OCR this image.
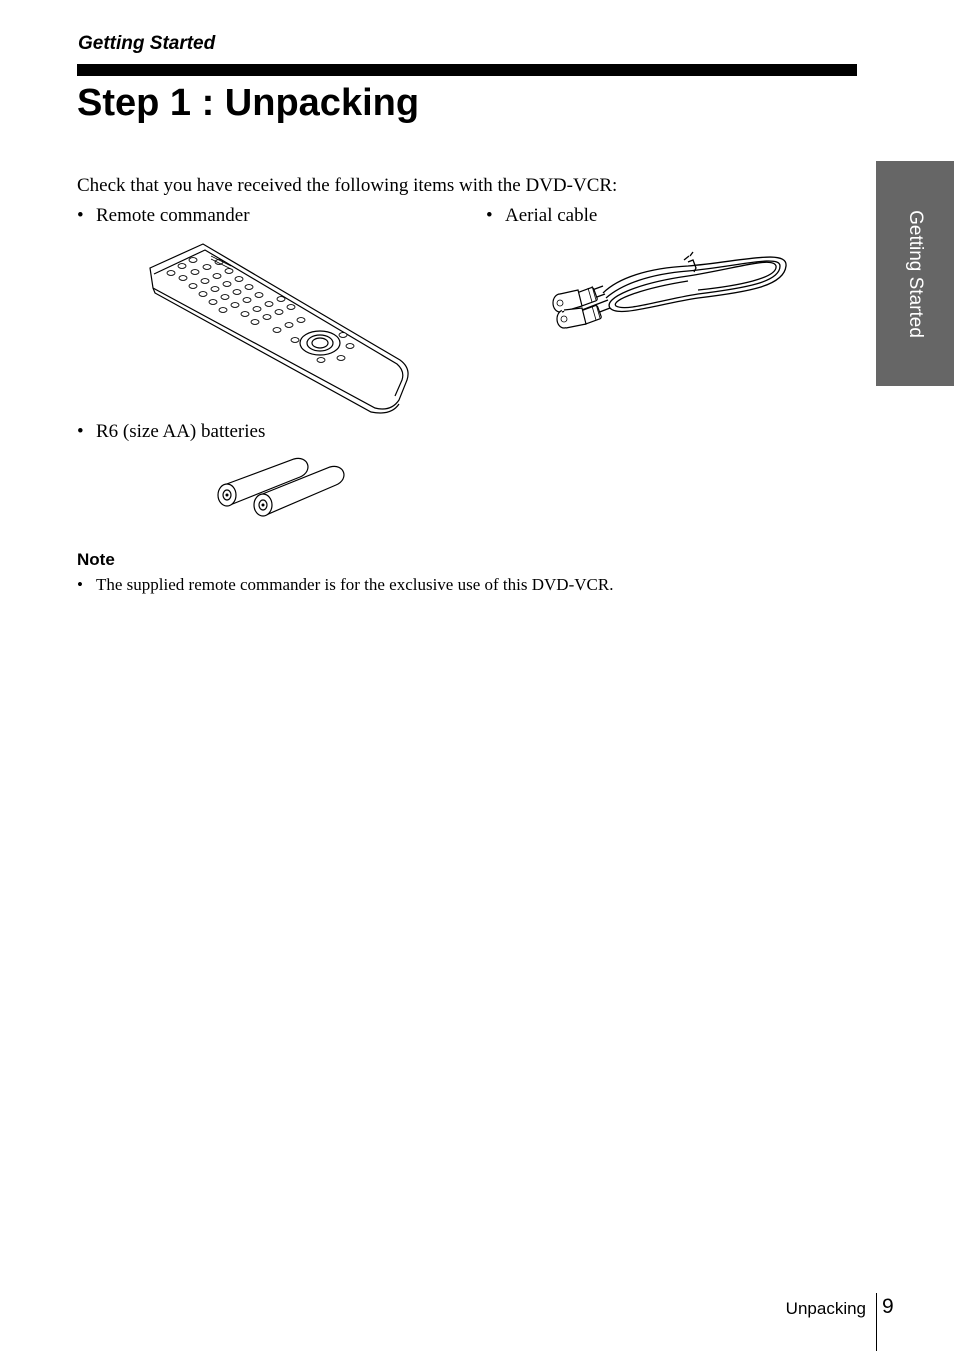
Getting Started
Step 1 : Unpacking
Getting Started

Check that you have received the following items with the DVD-VCR:

• Remote commander	• Aerial cable

• R6 (size AA) batteries

Note

• The supplied remote commander is for the exclusive use of this DVD-VCR.

Unpacking 9
